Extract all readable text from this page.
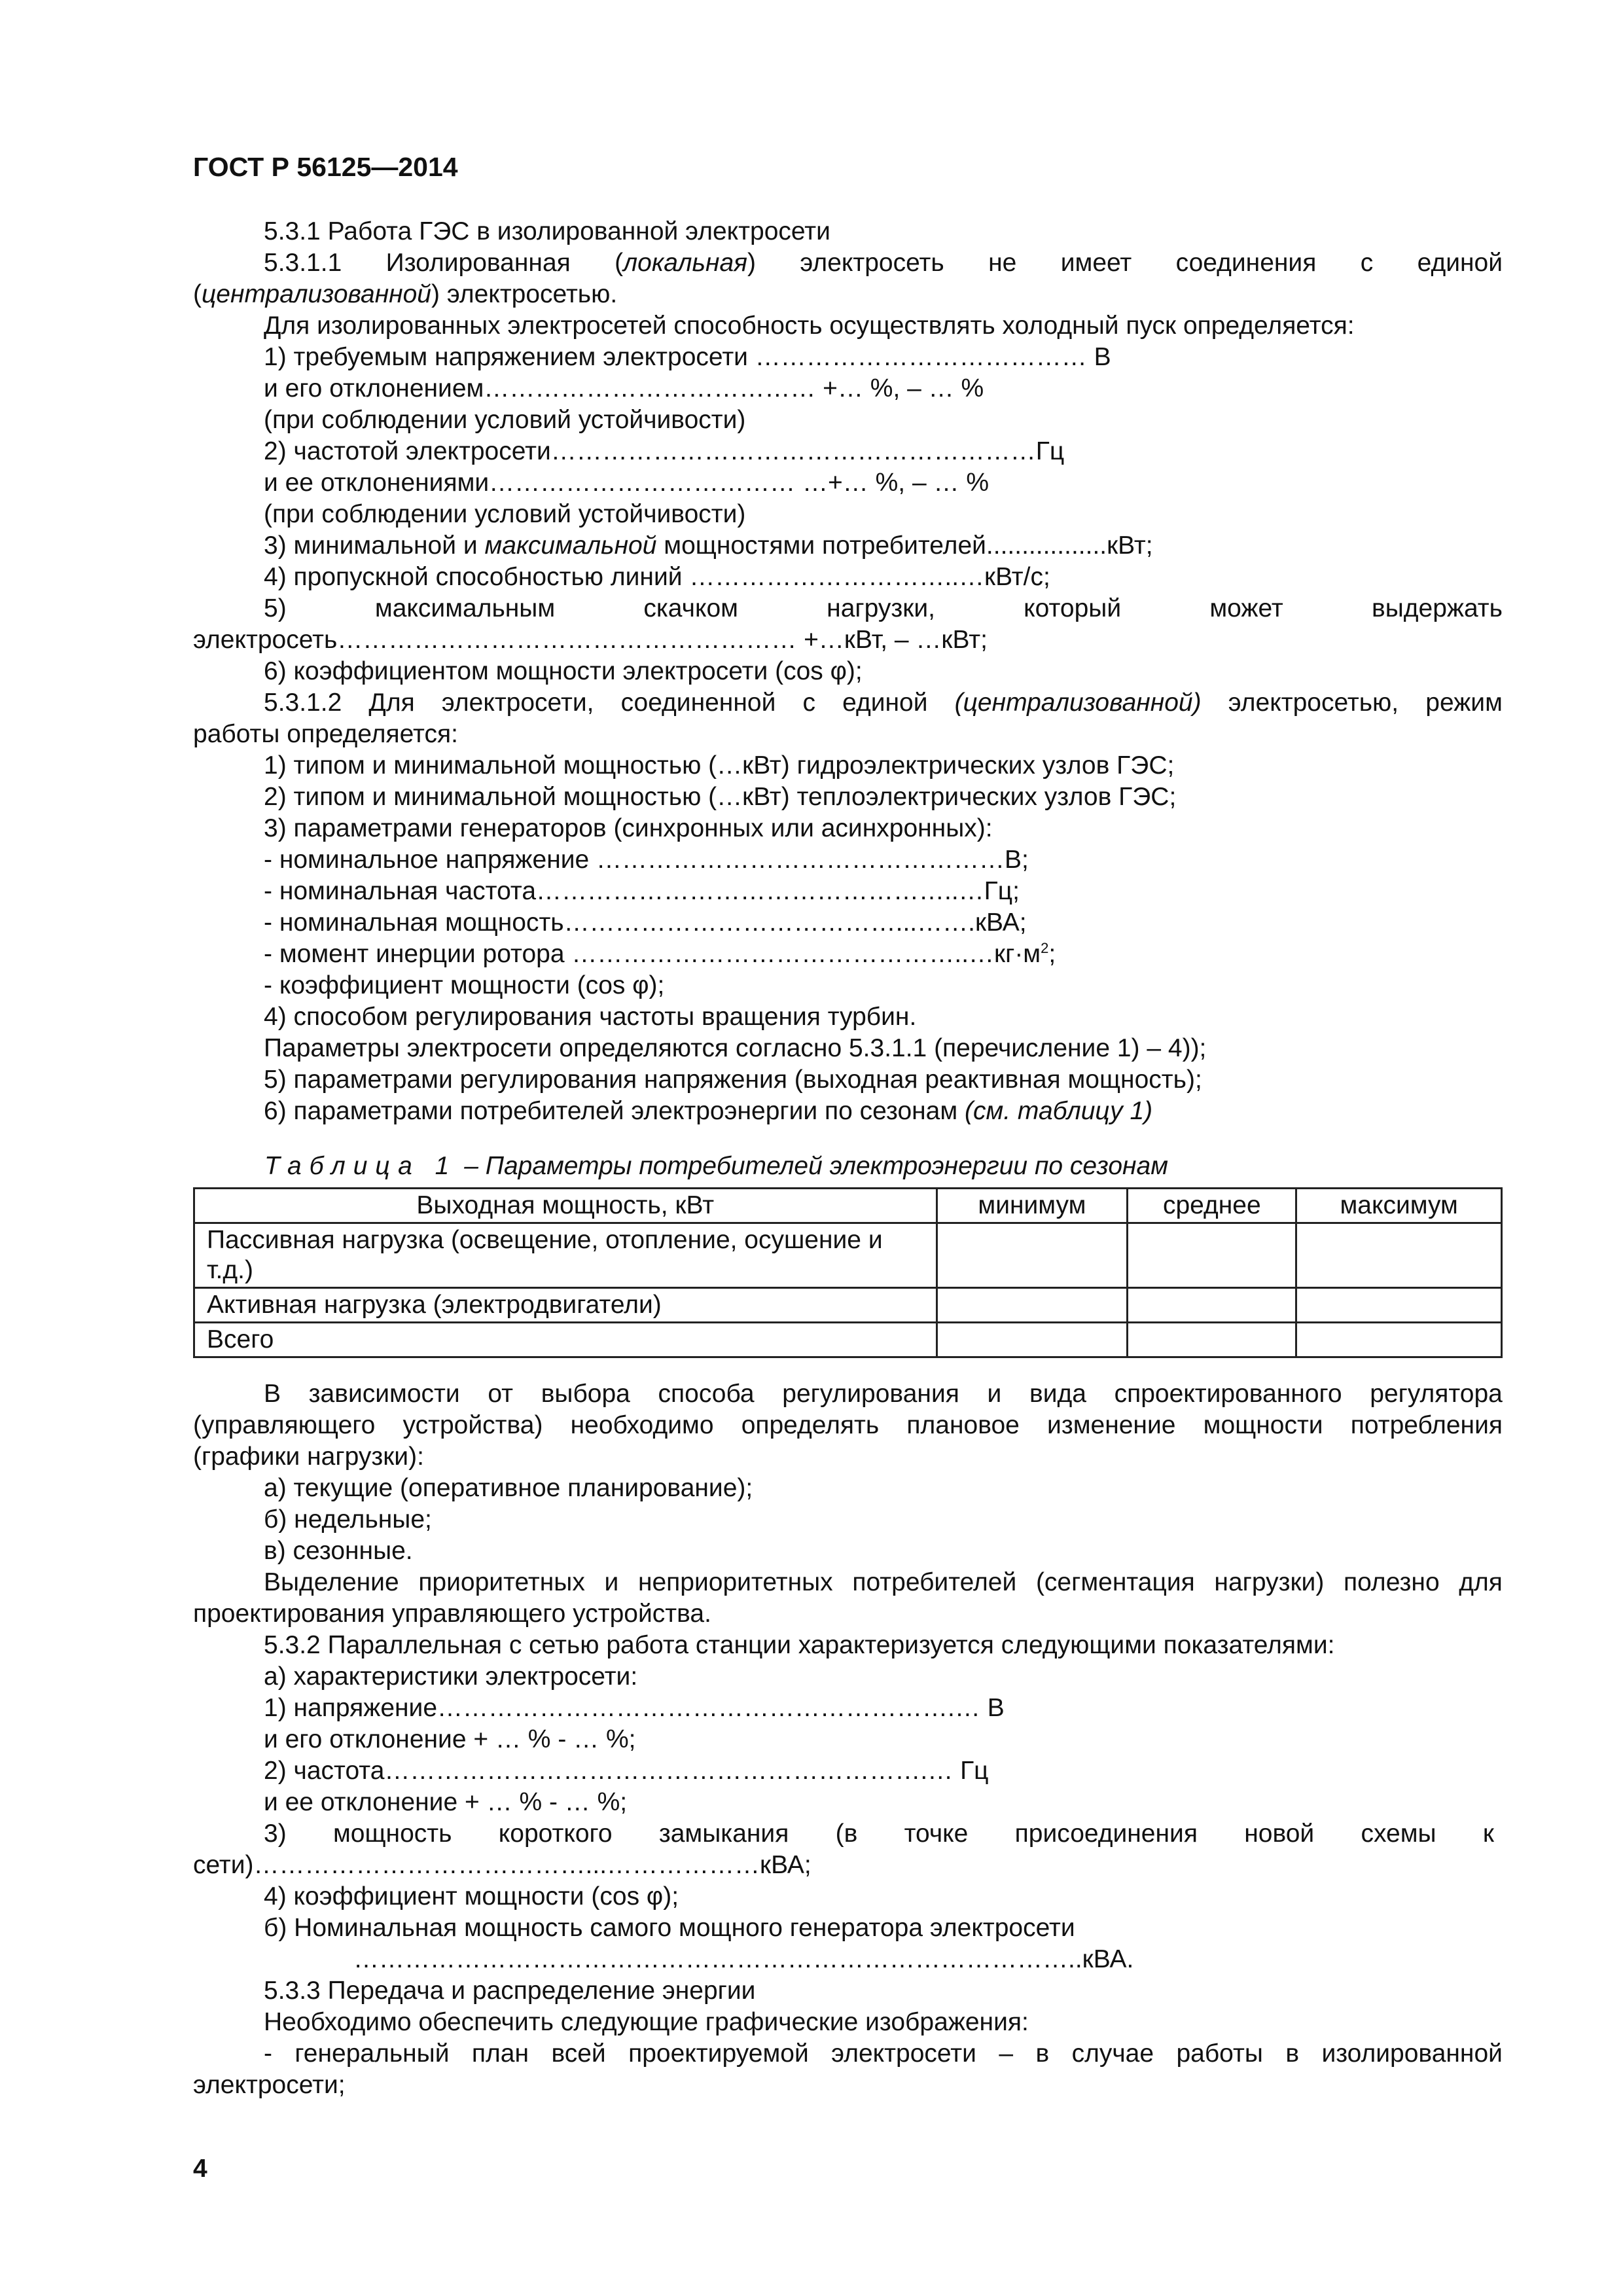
ГОСТ Р 56125—2014
5.3.1 Работа ГЭС в изолированной электросети
5.3.1.1 Изолированная (локальная) электросеть не имеет соединения с единой
(централизованной) электросетью.
Для изолированных электросетей способность осуществлять холодный пуск определяется:
1) требуемым напряжением электросети ………………………………… В
и его отклонением………………………………… +… %, – … %
(при соблюдении условий устойчивости)
2) частотой электросети…………………………………………………Гц
и ее отклонениями……………………………… …+… %, – … %
(при соблюдении условий устойчивости)
3) минимальной и максимальной мощностями потребителей.................кВт;
4) пропускной способностью линий …………………………..…кВт/с;
5)	максимальным	скачком	нагрузки,	который	может	выдержать
электросеть……………………………………………… +…кВт, – …кВт;
6) коэффициентом мощности электросети (cos φ);
5.3.1.2 Для электросети, соединенной с единой (централизованной) электросетью, режим
работы определяется:
1) типом и минимальной мощностью (…кВт) гидроэлектрических узлов ГЭС;
2) типом и минимальной мощностью (…кВт) теплоэлектрических узлов ГЭС;
3) параметрами генераторов (синхронных или асинхронных):
- номинальное напряжение …………………………………………В;
- номинальная частота…………………………………………..…Гц;
- номинальная мощность…………………………………...…….кВА;
- момент инерции ротора $\dots\dots\dots\dots\dots\dots\dots\dots\dots\dots\dots\dots\dots\dots\dots..\dots кг\cdot м^2$;
- коэффициент мощности (cos φ);
4) способом регулирования частоты вращения турбин.
Параметры электросети определяются согласно 5.3.1.1 (перечисление 1) – 4));
5) параметрами регулирования напряжения (выходная реактивная мощность);
6) параметрами потребителей электроэнергии по сезонам (см. таблицу 1)
Таблица 1 – Параметры потребителей электроэнергии по сезонам
Выходная мощность, кВт	минимум	среднее	максимум
Пассивная нагрузка (освещение, отопление, осушение и т.д.)			
Активная нагрузка (электродвигатели)			
Всего			
В зависимости от выбора способа регулирования и вида спроектированного регулятора
(управляющего устройства) необходимо определять плановое изменение мощности потребления
(графики нагрузки):
а) текущие (оперативное планирование);
б) недельные;
в) сезонные.
Выделение приоритетных и неприоритетных потребителей (сегментация нагрузки) полезно для
проектирования управляющего устройства.
5.3.2 Параллельная с сетью работа станции характеризуется следующими показателями:
а) характеристики электросети:
1) напряжение…………………………………………………….… В
и его отклонение + … % - … %;
2) частота……………………………………………………….… Гц
и ее отклонение + … % - … %;
3) мощность короткого замыкания (в точке присоединения новой схемы к
сети)…………………………………...………………кВА;
4) коэффициент мощности (cos φ);
б) Номинальная мощность самого мощного генератора электросети
…………………………………………………………………………..кВА.
5.3.3 Передача и распределение энергии
Необходимо обеспечить следующие графические изображения:
- генеральный план всей проектируемой электросети – в случае работы в изолированной
электросети;
4
